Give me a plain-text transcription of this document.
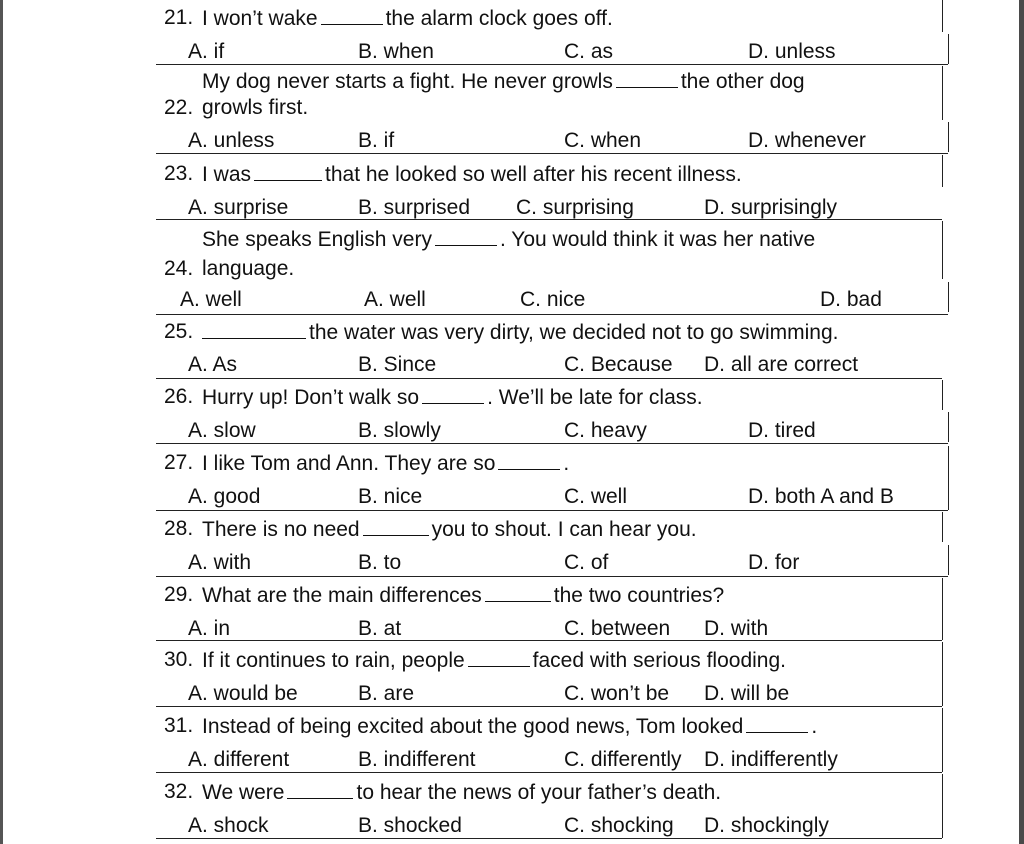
21. I won’t wake	the alarm clock goes off.
A. if	B. when	C. as	D. unless
My dog never starts a fight. He never growls	the other dog
22. growls first.
A. unless	B. if	C. when	D. whenever
23. I was	that he looked so well after his recent illness.
A. surprise	B. surprised C. surprising	D. surprisingly
She speaks English very	. You would think it was her native
24. language.
A. well	A. well	C. nice	D. bad
25.	the water was very dirty, we decided not to go swimming.
A. As	B. Since	C. Because D. all are correct
26. Hurry up! Don’t walk so	. We’ll be late for class.
A. slow	B. slowly	C. heavy	D. tired
27. I like Tom and Ann. They are so	.
A. good	B. nice	C. well	D. both A and B
28. There is no need	you to shout. I can hear you.
A. with	B. to	C. of	D. for
29. What are the main differences	the two countries?
A. in	B. at	C. between D. with
30. If it continues to rain, people	faced with serious flooding.
A. would be	B. are	C. won’t be D. will be
31. Instead of being excited about the good news, Tom looked	.
A. different	B. indifferent	C. differently D. indifferently
32. We were	to hear the news of your father’s death.
A. shock	B. shocked	C. shocking D. shockingly
